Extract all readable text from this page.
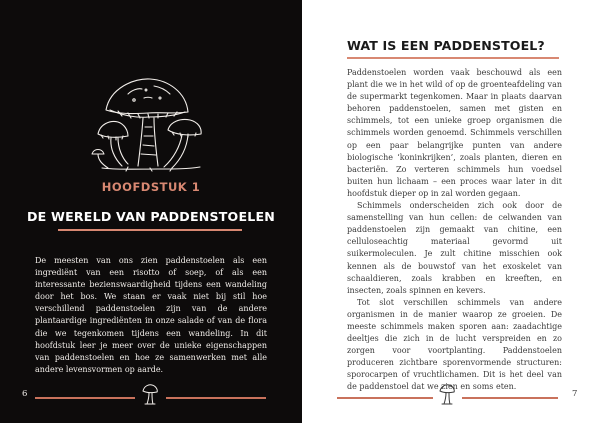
HOOFDSTUK 1
DE WERELD VAN PADDENSTOELEN

De meesten van ons zien paddenstoelen als een ingrediënt van een risotto of soep, of als een interessante bezienswaardigheid tijdens een wandeling door het bos. We staan er vaak niet bij stil hoe verschillend paddenstoelen zijn van de andere plantaardige ingrediënten in onze salade of van de flora die we tegenkomen tijdens een wandeling. In dit hoofdstuk leer je meer over de unieke eigenschappen van paddenstoelen en hoe ze samenwerken met alle andere levensvormen op aarde.

6
WAT IS EEN PADDENSTOEL?

Paddenstoelen worden vaak beschouwd als een plant die we in het wild of op de groenteafdeling van de supermarkt tegenkomen. Maar in plaats daarvan behoren paddenstoelen, samen met gisten en schimmels, tot een unieke groep organismen die schimmels worden genoemd. Schimmels verschillen op een paar belangrijke punten van andere biologische ‘koninkrijken’, zoals planten, dieren en bacteriën. Zo verteren schimmels hun voedsel buiten hun lichaam – een proces waar later in dit hoofdstuk dieper op in zal worden gegaan.

Schimmels onderscheiden zich ook door de samenstelling van hun cellen: de celwanden van paddenstoelen zijn gemaakt van chitine, een celluloseachtig materiaal gevormd uit suikermoleculen. Je zult chitine misschien ook kennen als de bouwstof van het exoskelet van schaaldieren, zoals krabben en kreeften, en insecten, zoals spinnen en kevers.

Tot slot verschillen schimmels van andere organismen in de manier waarop ze groeien. De meeste schimmels maken sporen aan: zaadachtige deeltjes die zich in de lucht verspreiden en zo zorgen voor voortplanting. Paddenstoelen produceren zichtbare sporenvormende structuren: sporocarpen of vruchtlichamen. Dit is het deel van de paddenstoel dat we zien en soms eten.

7
